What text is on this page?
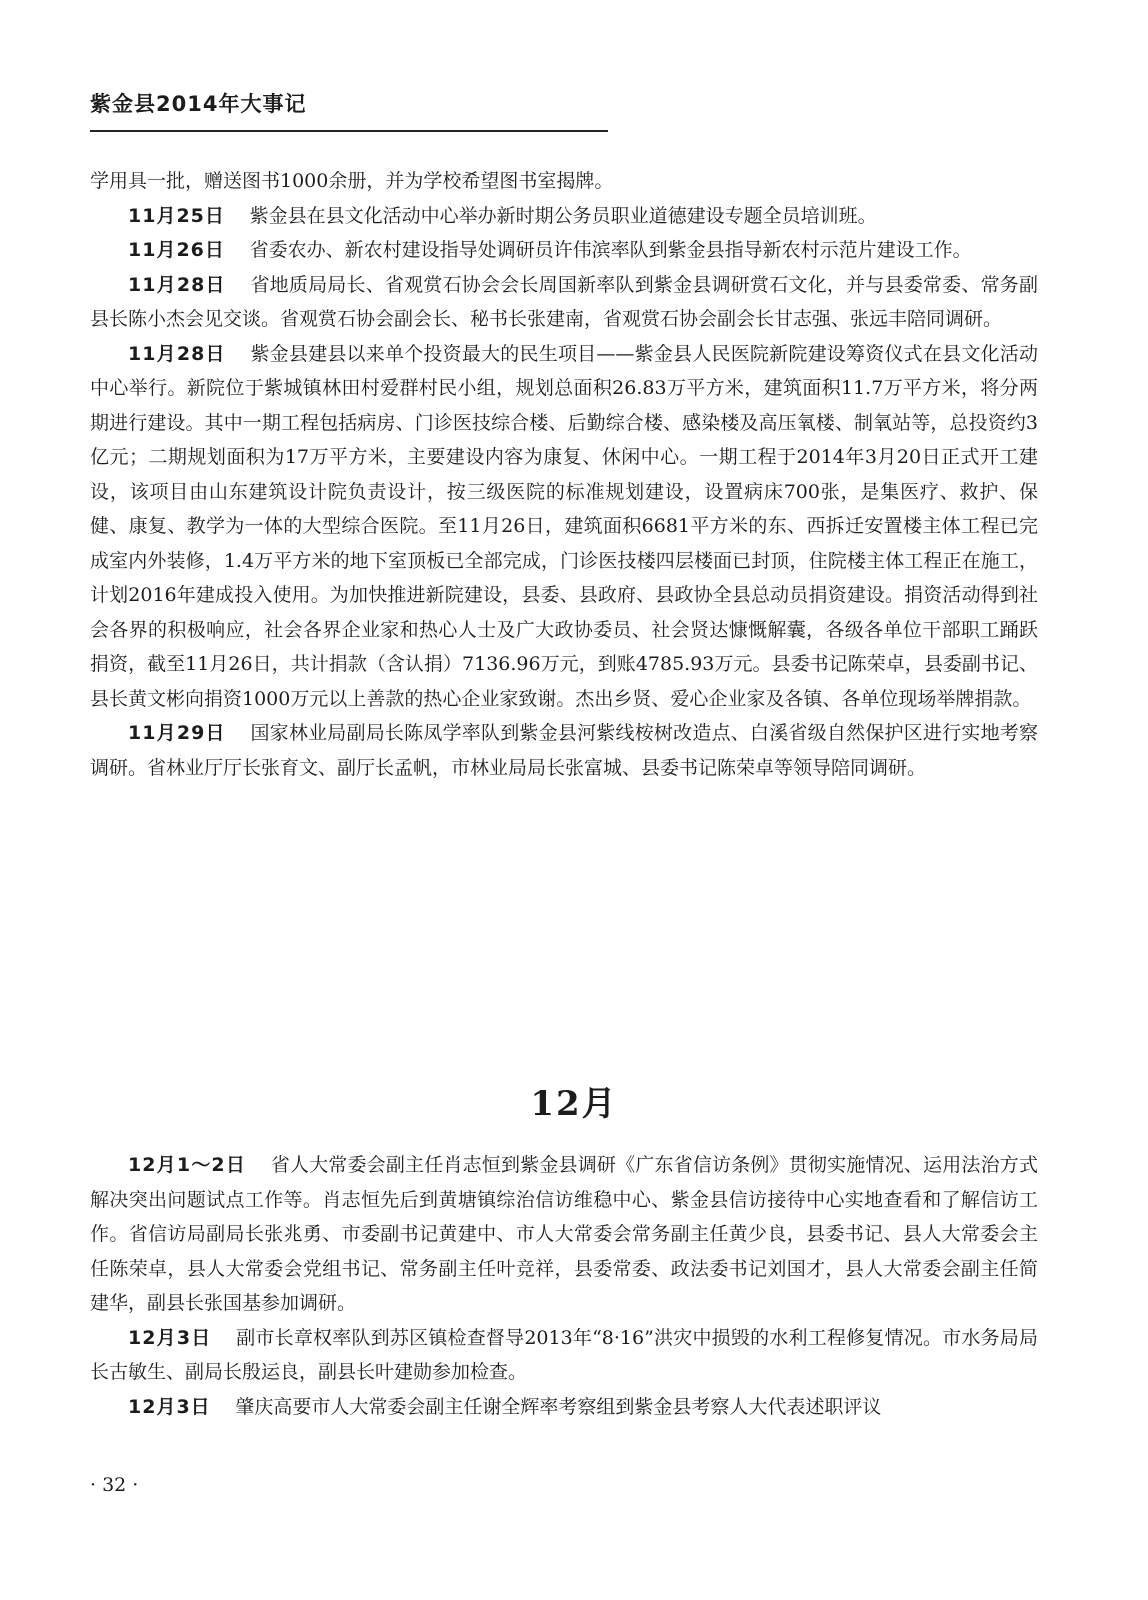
紫金县2014年大事记

学用具一批，赠送图书1000余册，并为学校希望图书室揭牌。

11月25日 紫金县在县文化活动中心举办新时期公务员职业道德建设专题全员培训班。

11月26日 省委农办、新农村建设指导处调研员许伟滨率队到紫金县指导新农村示范片建设工作。

11月28日 省地质局局长、省观赏石协会会长周国新率队到紫金县调研赏石文化，并与县委常委、常务副县长陈小杰会见交谈。省观赏石协会副会长、秘书长张建南，省观赏石协会副会长甘志强、张远丰陪同调研。

11月28日 紫金县建县以来单个投资最大的民生项目——紫金县人民医院新院建设筹资仪式在县文化活动中心举行。新院位于紫城镇林田村爱群村民小组，规划总面积26.83万平方米，建筑面积11.7万平方米，将分两期进行建设。其中一期工程包括病房、门诊医技综合楼、后勤综合楼、感染楼及高压氧楼、制氧站等，总投资约3亿元；二期规划面积为17万平方米，主要建设内容为康复、休闲中心。一期工程于2014年3月20日正式开工建设，该项目由山东建筑设计院负责设计，按三级医院的标准规划建设，设置病床700张，是集医疗、救护、保健、康复、教学为一体的大型综合医院。至11月26日，建筑面积6681平方米的东、西拆迁安置楼主体工程已完成室内外装修，1.4万平方米的地下室顶板已全部完成，门诊医技楼四层楼面已封顶，住院楼主体工程正在施工，计划2016年建成投入使用。为加快推进新院建设，县委、县政府、县政协全县总动员捐资建设。捐资活动得到社会各界的积极响应，社会各界企业家和热心人士及广大政协委员、社会贤达慷慨解囊，各级各单位干部职工踊跃捐资，截至11月26日，共计捐款（含认捐）7136.96万元，到账4785.93万元。县委书记陈荣卓，县委副书记、县长黄文彬向捐资1000万元以上善款的热心企业家致谢。杰出乡贤、爱心企业家及各镇、各单位现场举牌捐款。

11月29日 国家林业局副局长陈凤学率队到紫金县河紫线桉树改造点、白溪省级自然保护区进行实地考察调研。省林业厅厅长张育文、副厅长孟帆，市林业局局长张富城、县委书记陈荣卓等领导陪同调研。

12月

12月1～2日 省人大常委会副主任肖志恒到紫金县调研《广东省信访条例》贯彻实施情况、运用法治方式解决突出问题试点工作等。肖志恒先后到黄塘镇综治信访维稳中心、紫金县信访接待中心实地查看和了解信访工作。省信访局副局长张兆勇、市委副书记黄建中、市人大常委会常务副主任黄少良，县委书记、县人大常委会主任陈荣卓，县人大常委会党组书记、常务副主任叶竞祥，县委常委、政法委书记刘国才，县人大常委会副主任简建华，副县长张国基参加调研。

12月3日 副市长章权率队到苏区镇检查督导2013年“8·16”洪灾中损毁的水利工程修复情况。市水务局局长古敏生、副局长殷运良，副县长叶建勋参加检查。

12月3日 肇庆高要市人大常委会副主任谢全辉率考察组到紫金县考察人大代表述职评议

· 32 ·
